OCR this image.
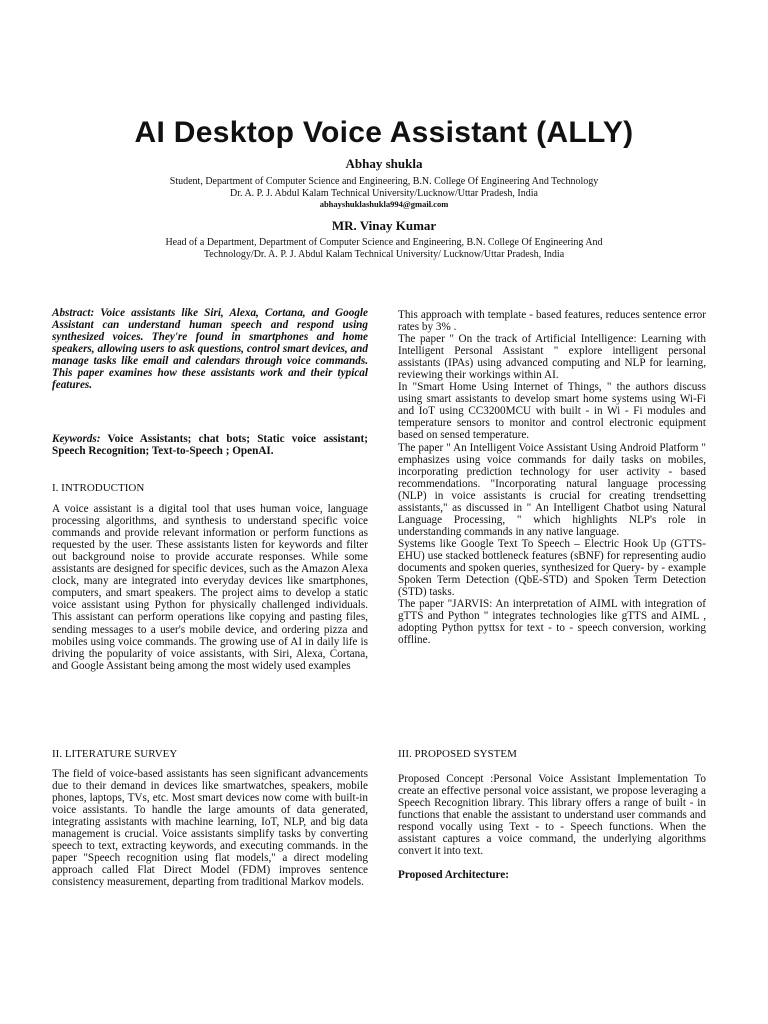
AI Desktop Voice Assistant (ALLY)
Abhay shukla
Student, Department of Computer Science and Engineering, B.N. College Of Engineering And Technology
Dr. A. P. J. Abdul Kalam Technical University/Lucknow/Uttar Pradesh, India
abhayshuklashukla994@gmail.com
MR. Vinay Kumar
Head of a Department, Department of Computer Science and Engineering, B.N. College Of Engineering And
Technology/Dr. A. P. J. Abdul Kalam Technical University/ Lucknow/Uttar Pradesh, India

Abstract: Voice assistants like Siri, Alexa, Cortana, and Google Assistant can understand human speech and respond using synthesized voices. They're found in smartphones and home speakers, allowing users to ask questions, control smart devices, and manage tasks like email and calendars through voice commands. This paper examines how these assistants work and their typical features.

Keywords: Voice Assistants; chat bots; Static voice assistant; Speech Recognition; Text-to-Speech ; OpenAI.

I. INTRODUCTION

A voice assistant is a digital tool that uses human voice, language processing algorithms, and synthesis to understand specific voice commands and provide relevant information or perform functions as requested by the user. These assistants listen for keywords and filter out background noise to provide accurate responses. While some assistants are designed for specific devices, such as the Amazon Alexa clock, many are integrated into everyday devices like smartphones, computers, and smart speakers. The project aims to develop a static voice assistant using Python for physically challenged individuals. This assistant can perform operations like copying and pasting files, sending messages to a user's mobile device, and ordering pizza and mobiles using voice commands. The growing use of AI in daily life is driving the popularity of voice assistants, with Siri, Alexa, Cortana, and Google Assistant being among the most widely used examples

II. LITERATURE SURVEY

The field of voice-based assistants has seen significant advancements due to their demand in devices like smartwatches, speakers, mobile phones, laptops, TVs, etc. Most smart devices now come with built-in voice assistants. To handle the large amounts of data generated, integrating assistants with machine learning, IoT, NLP, and big data management is crucial. Voice assistants simplify tasks by converting speech to text, extracting keywords, and executing commands. in the paper "Speech recognition using flat models," a direct modeling approach called Flat Direct Model (FDM) improves sentence consistency measurement, departing from traditional Markov models.

This approach with template - based features, reduces sentence error rates by 3% .

The paper " On the track of Artificial Intelligence: Learning with Intelligent Personal Assistant " explore intelligent personal assistants (IPAs) using advanced computing and NLP for learning, reviewing their workings within AI.

In "Smart Home Using Internet of Things, " the authors discuss using smart assistants to develop smart home systems using Wi-Fi and IoT using CC3200MCU with built - in Wi - Fi modules and temperature sensors to monitor and control electronic equipment based on sensed temperature.

The paper " An Intelligent Voice Assistant Using Android Platform " emphasizes using voice commands for daily tasks on mobiles, incorporating prediction technology for user activity - based recommendations. "Incorporating natural language processing (NLP) in voice assistants is crucial for creating trendsetting assistants," as discussed in " An Intelligent Chatbot using Natural Language Processing, " which highlights NLP's role in understanding commands in any native language.

Systems like Google Text To Speech – Electric Hook Up (GTTS-EHU) use stacked bottleneck features (sBNF) for representing audio documents and spoken queries, synthesized for Query- by - example Spoken Term Detection (QbE-STD) and Spoken Term Detection (STD) tasks.

The paper "JARVIS: An interpretation of AIML with integration of gTTS and Python " integrates technologies like gTTS and AIML , adopting Python pyttsx for text - to - speech conversion, working offline.

III. PROPOSED SYSTEM

Proposed Concept :Personal Voice Assistant Implementation To create an effective personal voice assistant, we propose leveraging a Speech Recognition library. This library offers a range of built - in functions that enable the assistant to understand user commands and respond vocally using Text - to - Speech functions. When the assistant captures a voice command, the underlying algorithms convert it into text.

Proposed Architecture:
